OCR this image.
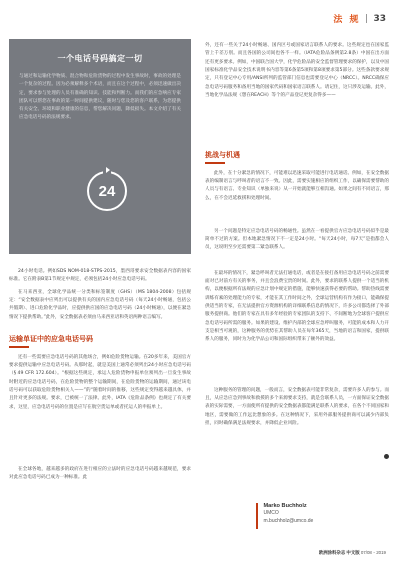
法 规 33
一个电话号码搞定一切
与通过和运输化学物质、混合物和危险货物的过程中发生事故时，事故的处理是一个复杂的过程。因为必须解释多个术语，而且在这个过程中，必须迅速做出决定，要求参与处理的人员有准确的知识、技能和判断力。而我们的应急响应专家团队可以帮您在事故的第一时间提供建议，随时与您及您的客户联系，为您提供有关安全、环境和职业健康的信息，帮您解决问题，降低损失。本文介绍了有关应急电话号码的法规要求。
24

24小时电话。例如SDS NOM-018-STPS-2015，墨西哥要求安全数据表内容的国家标准。它在附表B第1节规定中规定，必须包括24小时应急电话号码。

在马来西亚，全球化学品统一分类和标签制度（GHS）（MS 1804-2008）包括规定：“安全数据表中应列出可以提供有关的国内应急电话号码（每天24小时畅通，包括公共假期）、进口危险化学品时，应提供供应国的应急电话号码（24小时畅通），以便在紧急情况下提供帮助。”此外，安全数据表必须由马来西亚语和英语两种语言编写。

运输单证中的应急电话号码

还有一些需要应急电话号码的其他场合，例如危险货物运输。在20多年来，美国官方要求提供运输中应急电话号码。从那时起，就是美国上通常必须列出24小时应急电话号码（§ 49 CFR 172.604）。“根据这些规定，承运人危险货物申报单位须列出一旦发生事故时附近的应急电话号码，在危险货物的整个运输期间，在危险货物的运输期间，通过该电话号码可以获取危险货物相关人——”的“随着时间的推移，这些规定变得越来越具体，并且针对更多的法规。要求，已被统一了法律。此外，IATA《危险品条例》也规定了有关要求，这里，应急电话号码的位置是应写在航空货运单或者托运人的申报单上。

在全球各地，越来越多的政府在进行相应的立法时的应急电话号码越来越规范，要求对此应急电话号码已成为一种标准。此

外，还有一些关于24小时畅通、国内区号或国家语言联系人的要求。这些规定也在国家监管上千差万别。而且各国的公司间也各不一样。（IATA危险品条例第2.8条）中国在出方面还有更多要求。例如，中国联合国大学，化学危险品的安全监督管理要求的保护，以及中国国家标准化学品安全技术说明书内容等第6条第5项和第8项要求第5部分。这些条款要求规定，只有登记中心专用/ANSI所列的监管部门信息也需要登记中心（NRCC）。NRCC确保应急电话号码服务和备用当地的国家代码和国家语言联系人。请记住，这只涉及运输。此外，当地化学品法规《想在REACH》等个的产品登记更复杂得多——

挑战与机遇

此外，在十分紧急的情况下，可能难以迅速采取可能进行电话通话。例如，在安全数据表的编制语言与呼叫者的语言不一致。因此，需要实施相应的组织工作，以确保需要帮助的人员与有语言、专业知识（单独来说）从一开始就能够互相沟通。如果之间有不同语言，那么，在不会迟延救援和处理时间。

另一个问题是特定应急电话号码的畅通性。虽然在一看提供官方应急电话号码似乎是最简单不过的方案。但本地紧急情况下不一定是24小时。“每天24小时，每7天”是指都会人员，这说明至少还需要第二紧急联系人。

在最坏的情况下，紧急呼叫者无法打通电话，或者是在接打备用应急电话号码之前需要面对已对前方有关的事务，并且会浪费宝贵的时间。此外，要求的联系人提供一个适当的机构，以便根据所有法规的应急计划中规定的措施，能够快速获得必要的帮助。帮助热线需要训练有素的处理能力的专家，才能在其工作时间之外，全球运营机构有作为接口，能确保提供适当的专家，在无法提供官方资源机构的详细联系信息的情况下，许多公司都选择了外部服务提供商。他们的专家在具有多年经验的专家团队的支持下、不间断地为全球客户提供应急电话号码所需的服务。如果的建设、维护内部的全球应急呼叫服务，可能的成本和人力开支是相当可观的，这种服务的优势在其帮助人员在每年365天，当地的语言和国家，提供联系人的服务，同时为为化学品公司和国际组织带来了额外的效益。

这种服务的管理的问题，一般而言，安全数据表可能非常复杂，需要许多人的参与。而且，从应急应急到事故和救援的多个来源要求支持，就是会联系人员，一方面保证安全数据表的实际需要，一方面使所有提供的安全数据表都能满足联系人的要求，在各个不同国家和地区，需要做的工作远比想象的多。在这种情况下，采用外部服务提供商可以减少内部负担，同时确保满足法规要求，并降低企业风险。

Marko Buchholz
UMCO
m.buchholz@umco.de
欧洲涂料杂志 中文版 07/08・2019
